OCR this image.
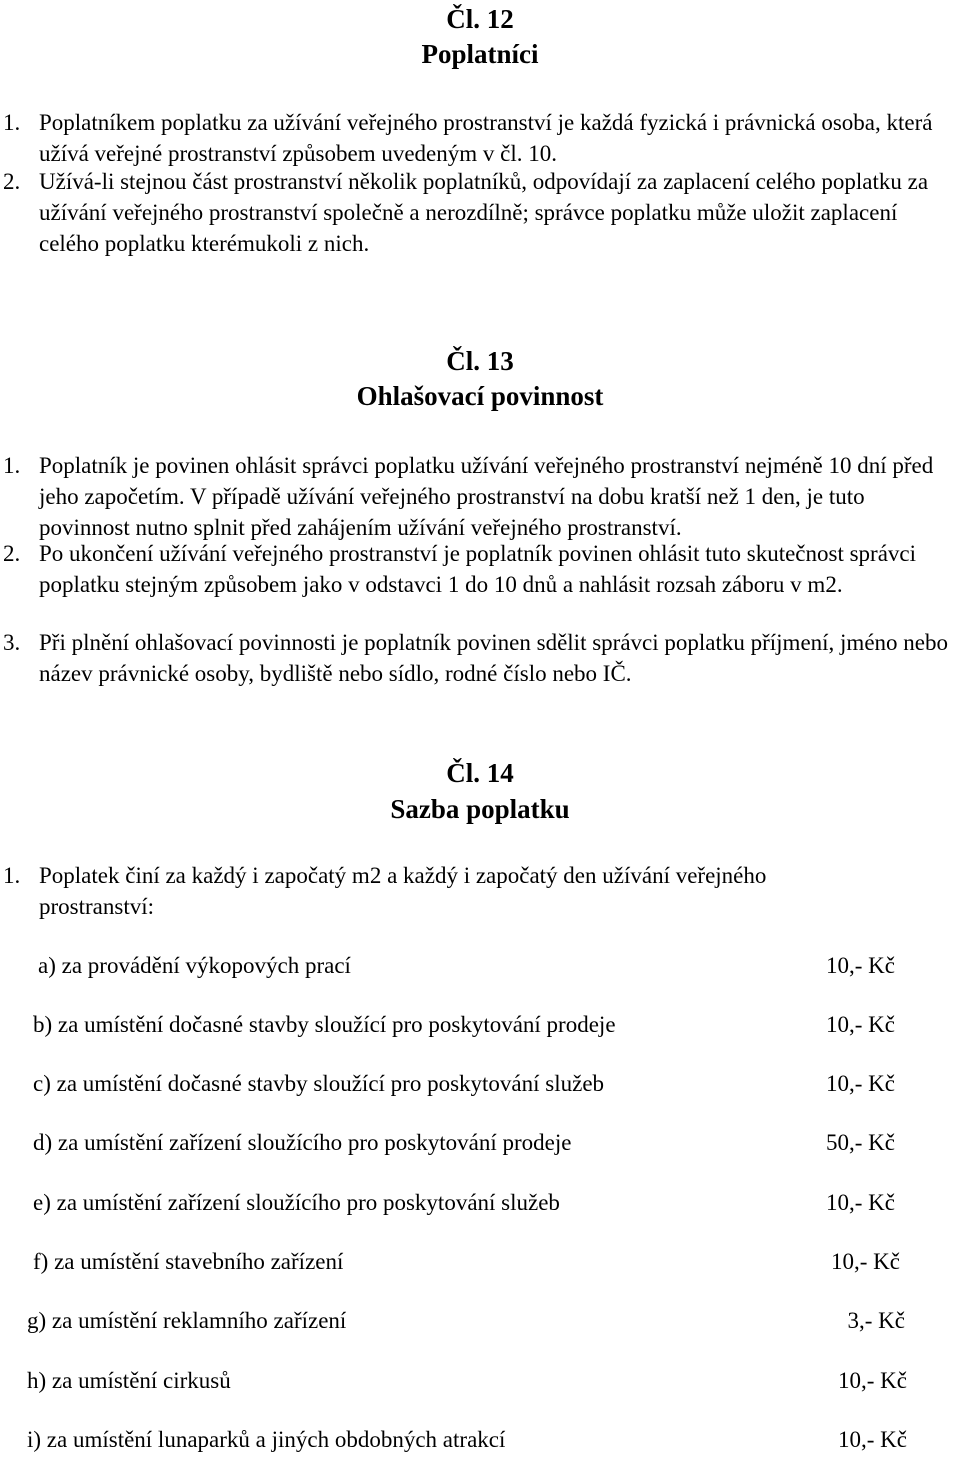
Čl. 12
Poplatníci
1. Poplatníkem poplatku za užívání veřejného prostranství je každá fyzická i právnická osoba, která užívá veřejné prostranství způsobem uvedeným v čl. 10.
2. Užívá-li stejnou část prostranství několik poplatníků, odpovídají za zaplacení celého poplatku za užívání veřejného prostranství společně a nerozdílně; správce poplatku může uložit zaplacení celého poplatku kterémukoli z nich.
Čl. 13
Ohlašovací povinnost
1. Poplatník je povinen ohlásit správci poplatku užívání veřejného prostranství nejméně 10 dní před jeho započetím. V případě užívání veřejného prostranství na dobu kratší než 1 den, je tuto povinnost nutno splnit před zahájením užívání veřejného prostranství.
2. Po ukončení užívání veřejného prostranství je poplatník povinen ohlásit tuto skutečnost správci poplatku stejným způsobem jako v odstavci 1 do 10 dnů a nahlásit rozsah záboru v m2.
3. Při plnění ohlašovací povinnosti je poplatník povinen sdělit správci poplatku příjmení, jméno nebo název právnické osoby, bydliště nebo sídlo, rodné číslo nebo IČ.
Čl. 14
Sazba poplatku
1. Poplatek činí za každý i započatý m2 a každý i započatý den užívání veřejného prostranství:
a) za provádění výkopových prací	10,- Kč
b) za umístění dočasné stavby sloužící pro poskytování prodeje	10,- Kč
c) za umístění dočasné stavby sloužící pro poskytování služeb	10,- Kč
d) za umístění zařízení sloužícího pro poskytování prodeje	50,- Kč
e) za umístění zařízení sloužícího pro poskytování služeb	10,- Kč
f) za umístění stavebního zařízení	10,- Kč
g) za umístění reklamního zařízení	3,- Kč
h) za umístění cirkusů	10,- Kč
i) za umístění lunaparků a jiných obdobných atrakcí	10,- Kč
